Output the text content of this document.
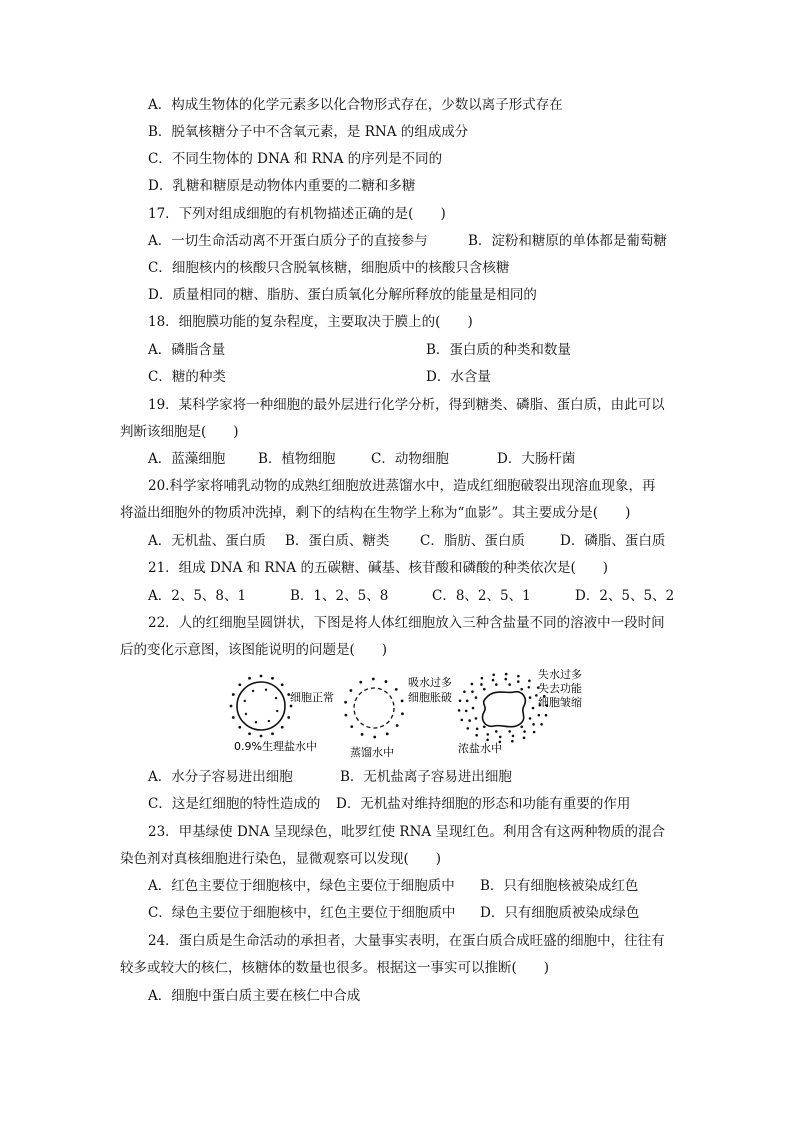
A．构成生物体的化学元素多以化合物形式存在，少数以离子形式存在
B．脱氧核糖分子中不含氧元素，是 RNA 的组成成分
C．不同生物体的 DNA 和 RNA 的序列是不同的
D．乳糖和糖原是动物体内重要的二糖和多糖
17．下列对组成细胞的有机物描述正确的是(　　)
A．一切生命活动离不开蛋白质分子的直接参与	B．淀粉和糖原的单体都是葡萄糖
C．细胞核内的核酸只含脱氧核糖，细胞质中的核酸只含核糖
D．质量相同的糖、脂肪、蛋白质氧化分解所释放的能量是相同的
18．细胞膜功能的复杂程度，主要取决于膜上的(　　)
A．磷脂含量	B．蛋白质的种类和数量
C．糖的种类	D．水含量
19．某科学家将一种细胞的最外层进行化学分析，得到糖类、磷脂、蛋白质，由此可以
判断该细胞是(　　)
A．蓝藻细胞 B．植物细胞	C．动物细胞	D．大肠杆菌
20.科学家将哺乳动物的成熟红细胞放进蒸馏水中，造成红细胞破裂出现溶血现象，再
将溢出细胞外的物质冲洗掉，剩下的结构在生物学上称为“血影”。其主要成分是(　　)
A．无机盐、蛋白质 B．蛋白质、糖类 C．脂肪、蛋白质	D．磷脂、蛋白质
21．组成 DNA 和 RNA 的五碳糖、碱基、核苷酸和磷酸的种类依次是(　　)
A．2、5、8、1	B．1、2、5、8	C．8、2、5、1	D．2、5、5、2
22．人的红细胞呈圆饼状，下图是将人体红细胞放入三种含盐量不同的溶液中一段时间
后的变化示意图，该图能说明的问题是(　　)
细胞正常
0.9%生理盐水中
吸水过多
细胞胀破
蒸馏水中
失水过多
失去功能
细胞皱缩
浓盐水中
A．水分子容易进出细胞	B．无机盐离子容易进出细胞
C．这是红细胞的特性造成的 D．无机盐对维持细胞的形态和功能有重要的作用
23．甲基绿使 DNA 呈现绿色，吡罗红使 RNA 呈现红色。利用含有这两种物质的混合
染色剂对真核细胞进行染色，显微观察可以发现(　　)
A．红色主要位于细胞核中，绿色主要位于细胞质中 B．只有细胞核被染成红色
C．绿色主要位于细胞核中，红色主要位于细胞质中 D．只有细胞质被染成绿色
24．蛋白质是生命活动的承担者，大量事实表明，在蛋白质合成旺盛的细胞中，往往有
较多或较大的核仁，核糖体的数量也很多。根据这一事实可以推断(　　)
A．细胞中蛋白质主要在核仁中合成
